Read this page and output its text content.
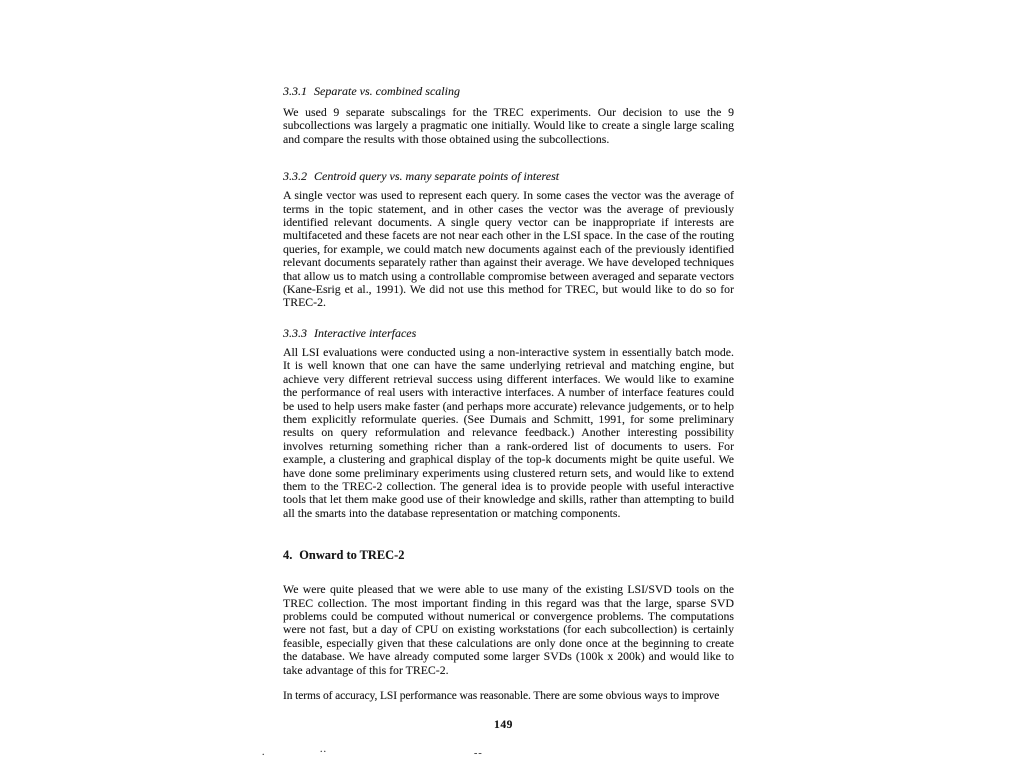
3.3.1 Separate vs. combined scaling

We used 9 separate subscalings for the TREC experiments. Our decision to use the 9 subcollections was largely a pragmatic one initially. Would like to create a single large scaling and compare the results with those obtained using the subcollections.

3.3.2 Centroid query vs. many separate points of interest

A single vector was used to represent each query. In some cases the vector was the average of terms in the topic statement, and in other cases the vector was the average of previously identified relevant documents. A single query vector can be inappropriate if interests are multifaceted and these facets are not near each other in the LSI space. In the case of the routing queries, for example, we could match new documents against each of the previously identified relevant documents separately rather than against their average. We have developed techniques that allow us to match using a controllable compromise between averaged and separate vectors (Kane-Esrig et al., 1991). We did not use this method for TREC, but would like to do so for TREC-2.

3.3.3 Interactive interfaces

All LSI evaluations were conducted using a non-interactive system in essentially batch mode. It is well known that one can have the same underlying retrieval and matching engine, but achieve very different retrieval success using different interfaces. We would like to examine the performance of real users with interactive interfaces. A number of interface features could be used to help users make faster (and perhaps more accurate) relevance judgements, or to help them explicitly reformulate queries. (See Dumais and Schmitt, 1991, for some preliminary results on query reformulation and relevance feedback.) Another interesting possibility involves returning something richer than a rank-ordered list of documents to users. For example, a clustering and graphical display of the top-k documents might be quite useful. We have done some preliminary experiments using clustered return sets, and would like to extend them to the TREC-2 collection. The general idea is to provide people with useful interactive tools that let them make good use of their knowledge and skills, rather than attempting to build all the smarts into the database representation or matching components.

4. Onward to TREC-2

We were quite pleased that we were able to use many of the existing LSI/SVD tools on the TREC collection. The most important finding in this regard was that the large, sparse SVD problems could be computed without numerical or convergence problems. The computations were not fast, but a day of CPU on existing workstations (for each subcollection) is certainly feasible, especially given that these calculations are only done once at the beginning to create the database. We have already computed some larger SVDs (100k x 200k) and would like to take advantage of this for TREC-2.

In terms of accuracy, LSI performance was reasonable. There are some obvious ways to improve

149
.	..	--
